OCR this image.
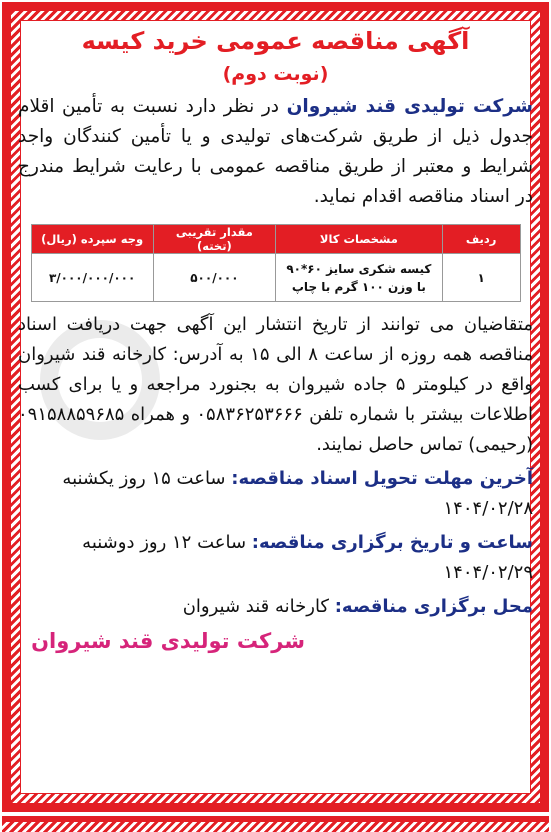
آگهی مناقصه عمومی خرید کیسه
(نوبت دوم)

شرکت تولیدی قند شیروان در نظر دارد نسبت به تأمین اقلام جدول ذیل از طریق شرکت‌های تولیدی و یا تأمین کنندگان واجد شرایط و معتبر از طریق مناقصه عمومی با رعایت شرایط مندرج در اسناد مناقصه اقدام نماید.

ردیف	مشخصات کالا	مقدار تقریبی (تخته)	وجه سپرده (ریال)
۱	کیسه شکری سایز ۶۰*۹۰ با وزن ۱۰۰ گرم با چاپ	۵۰۰/۰۰۰	۳/۰۰۰/۰۰۰/۰۰۰

متقاضیان می توانند از تاریخ انتشار این آگهی جهت دریافت اسناد مناقصه همه روزه از ساعت ۸ الی ۱۵ به آدرس: کارخانه قند شیروان واقع در کیلومتر ۵ جاده شیروان به بجنورد مراجعه و یا برای کسب اطلاعات بیشتر با شماره تلفن ۰۵۸۳۶۲۵۳۶۶۶ و همراه ۰۹۱۵۸۸۵۹۶۸۵ (رحیمی) تماس حاصل نمایند.

آخرین مهلت تحویل اسناد مناقصه: ساعت ۱۵ روز یکشنبه ۱۴۰۴/۰۲/۲۸
ساعت و تاریخ برگزاری مناقصه: ساعت ۱۲ روز دوشنبه ۱۴۰۴/۰۲/۲۹
محل برگزاری مناقصه: کارخانه قند شیروان
شرکت تولیدی قند شیروان
